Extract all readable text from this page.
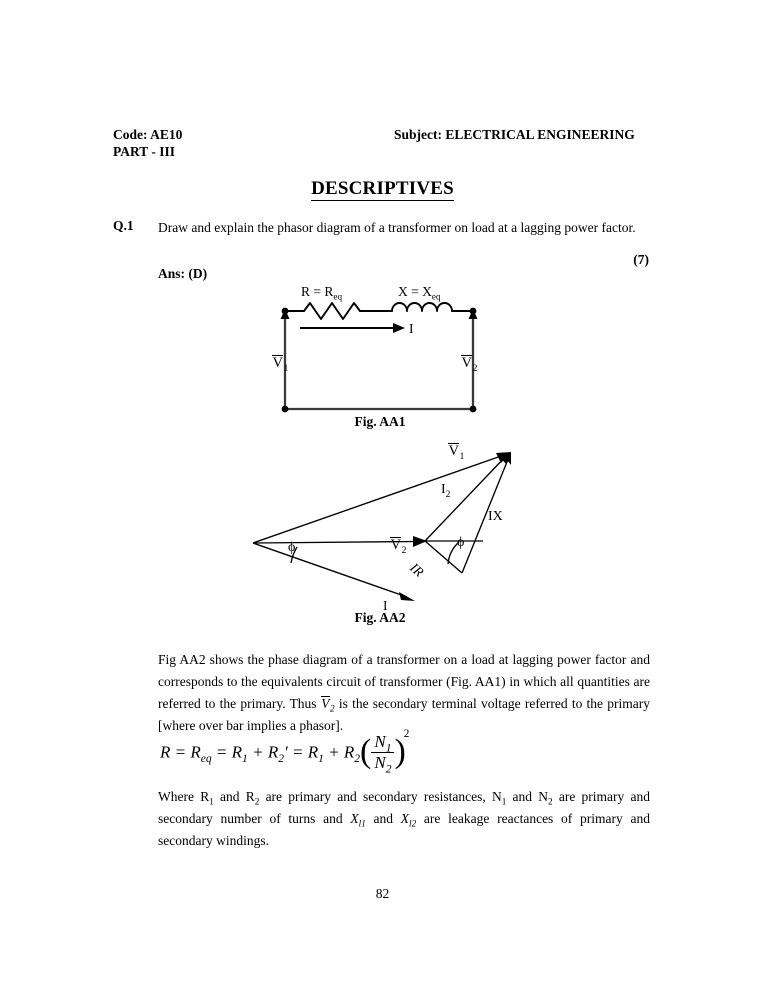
Code: AE10	Subject: ELECTRICAL ENGINEERING
PART - III
DESCRIPTIVES
Q.1 Draw and explain the phasor diagram of a transformer on load at a lagging power factor.
(7)
Ans: (D)
$R = R_{eq}$	$X = X_{eq}$
I
$V_1$	$V_2$
Fig. AA1
$V_1$
$I_2$
IX
IR
$V_2$
I
ϕ	ϕ
Fig. AA2
Fig AA2 shows the phase diagram of a transformer on a load at lagging power factor and corresponds to the equivalents circuit of transformer (Fig. AA1) in which all quantities are referred to the primary. Thus $V_2$ is the secondary terminal voltage referred to the primary [where over bar implies a phasor].
$R = R_{eq} = R_1 + R_2' = R_1 + R_2( \frac{N_1}{N_2} )^2$
Where $R_1$ and $R_2$ are primary and secondary resistances, $N_1$ and $N_2$ are primary and secondary number of turns and $X_{l1}$ and $X_{l2}$ are leakage reactances of primary and secondary windings.
82
